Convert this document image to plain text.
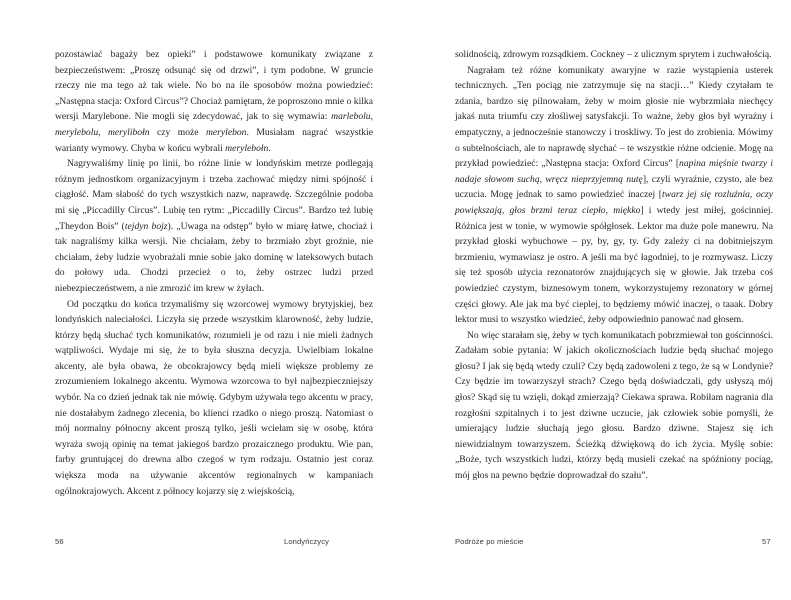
pozostawiać bagaży bez opieki” i podstawowe komunikaty związane z bezpieczeństwem: „Proszę odsunąć się od drzwi”, i tym podobne. W gruncie rzeczy nie ma tego aż tak wiele. No bo na ile sposobów można powiedzieć: „Następna stacja: Oxford Circus”? Chociaż pamiętam, że poproszono mnie o kilka wersji Marylebone. Nie mogli się zdecydować, jak to się wymawia: marlebolu, merylebolu, merylibołn czy może merylebon. Musiałam nagrać wszystkie warianty wymowy. Chyba w końcu wybrali merylebołn.

Nagrywaliśmy linię po linii, bo różne linie w londyńskim metrze podlegają różnym jednostkom organizacyjnym i trzeba zachować między nimi spójność i ciągłość. Mam słabość do tych wszystkich nazw, naprawdę. Szczególnie podoba mi się „Piccadilly Circus”. Lubię ten rytm: „Piccadilly Circus”. Bardzo też lubię „Theydon Bois” (tejdyn bojz). „Uwaga na odstęp” było w miarę łatwe, chociaż i tak nagraliśmy kilka wersji. Nie chciałam, żeby to brzmiało zbyt groźnie, nie chciałam, żeby ludzie wyobrażali mnie sobie jako dominę w lateksowych butach do połowy uda. Chodzi przecież o to, żeby ostrzec ludzi przed niebezpieczeństwem, a nie zmrozić im krew w żyłach.

Od początku do końca trzymaliśmy się wzorcowej wymowy brytyjskiej, bez londyńskich naleciałości. Liczyła się przede wszystkim klarowność, żeby ludzie, którzy będą słuchać tych komunikatów, rozumieli je od razu i nie mieli żadnych wątpliwości. Wydaje mi się, że to była słuszna decyzja. Uwielbiam lokalne akcenty, ale była obawa, że obcokrajowcy będą mieli większe problemy ze zrozumieniem lokalnego akcentu. Wymowa wzorcowa to był najbezpieczniejszy wybór. Na co dzień jednak tak nie mówię. Gdybym używała tego akcentu w pracy, nie dostałabym żadnego zlecenia, bo klienci rzadko o niego proszą. Natomiast o mój normalny północny akcent proszą tylko, jeśli wcielam się w osobę, która wyraża swoją opinię na temat jakiegoś bardzo prozaicznego produktu. Wie pan, farby gruntującej do drewna albo czegoś w tym rodzaju. Ostatnio jest coraz większa moda na używanie akcentów regionalnych w kampaniach ogólnokrajowych. Akcent z północy kojarzy się z wiejskością,

solidnością, zdrowym rozsądkiem. Cockney – z ulicznym sprytem i zuchwałością.

Nagrałam też różne komunikaty awaryjne w razie wystąpienia usterek technicznych. „Ten pociąg nie zatrzymuje się na stacji…” Kiedy czytałam te zdania, bardzo się pilnowałam, żeby w moim głosie nie wybrzmiała niechęcy jakaś nuta triumfu czy złośliwej satysfakcji. To ważne, żeby głos był wyraźny i empatyczny, a jednocześnie stanowczy i troskliwy. To jest do zrobienia. Mówimy o subtelnościach, ale to naprawdę słychać – te wszystkie różne odcienie. Mogę na przykład powiedzieć: „Następna stacja: Oxford Circus” [napina mięśnie twarzy i nadaje słowom suchą, wręcz nieprzyjemną nutę], czyli wyraźnie, czysto, ale bez uczucia. Mogę jednak to samo powiedzieć inaczej [twarz jej się rozluźnia, oczy powiększają, głos brzmi teraz ciepło, miękko] i wtedy jest miłej, gościnniej. Różnica jest w tonie, w wymowie spółgłosek. Lektor ma duże pole manewru. Na przykład głoski wybuchowe – py, by, gy, ty. Gdy zależy ci na dobitniejszym brzmieniu, wymawiasz je ostro. A jeśli ma być łagodniej, to je rozmywasz. Liczy się też sposób użycia rezonatorów znajdujących się w głowie. Jak trzeba coś powiedzieć czystym, biznesowym tonem, wykorzystujemy rezonatory w górnej części głowy. Ale jak ma być cieplej, to będziemy mówić inaczej, o taaak. Dobry lektor musi to wszystko wiedzieć, żeby odpowiednio panować nad głosem.

No więc starałam się, żeby w tych komunikatach pobrzmiewał ton gościnności. Zadałam sobie pytania: W jakich okolicznościach ludzie będą słuchać mojego głosu? I jak się będą wtedy czuli? Czy będą zadowoleni z tego, że są w Londynie? Czy będzie im towarzyszył strach? Czego będą doświadczali, gdy usłyszą mój głos? Skąd się tu wzięli, dokąd zmierzają? Ciekawa sprawa. Robiłam nagrania dla rozgłośni szpitalnych i to jest dziwne uczucie, jak człowiek sobie pomyśli, że umierający ludzie słuchają jego głosu. Bardzo dziwne. Stajesz się ich niewidzialnym towarzyszem. Ścieżką dźwiękową do ich życia. Myślę sobie: „Boże, tych wszystkich ludzi, którzy będą musieli czekać na spóźniony pociąg, mój głos na pewno będzie doprowadzał do szału”.

56	Londyńczycy	Podróże po mieście	57
